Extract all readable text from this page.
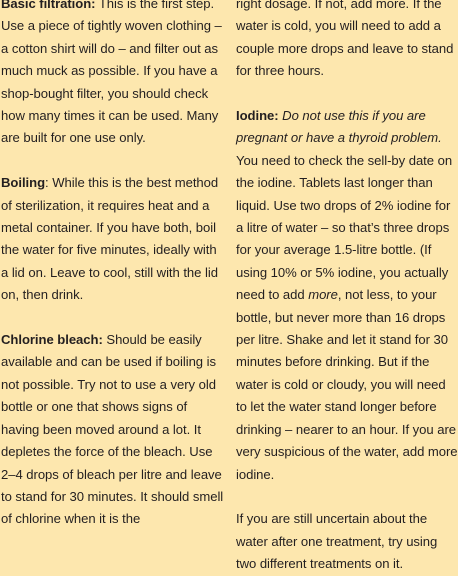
Basic filtration: This is the first step. Use a piece of tightly woven clothing – a cotton shirt will do – and filter out as much muck as possible. If you have a shop-bought filter, you should check how many times it can be used. Many are built for one use only.

Boiling: While this is the best method of sterilization, it requires heat and a metal container. If you have both, boil the water for five minutes, ideally with a lid on. Leave to cool, still with the lid on, then drink.

Chlorine bleach: Should be easily available and can be used if boiling is not possible. Try not to use a very old bottle or one that shows signs of having been moved around a lot. It depletes the force of the bleach. Use 2–4 drops of bleach per litre and leave to stand for 30 minutes. It should smell of chlorine when it is the

right dosage. If not, add more. If the water is cold, you will need to add a couple more drops and leave to stand for three hours.

Iodine: Do not use this if you are pregnant or have a thyroid problem. You need to check the sell-by date on the iodine. Tablets last longer than liquid. Use two drops of 2% iodine for a litre of water – so that’s three drops for your average 1.5-litre bottle. (If using 10% or 5% iodine, you actually need to add more, not less, to your bottle, but never more than 16 drops per litre. Shake and let it stand for 30 minutes before drinking. But if the water is cold or cloudy, you will need to let the water stand longer before drinking – nearer to an hour. If you are very suspicious of the water, add more iodine.

If you are still uncertain about the water after one treatment, try using two different treatments on it.
